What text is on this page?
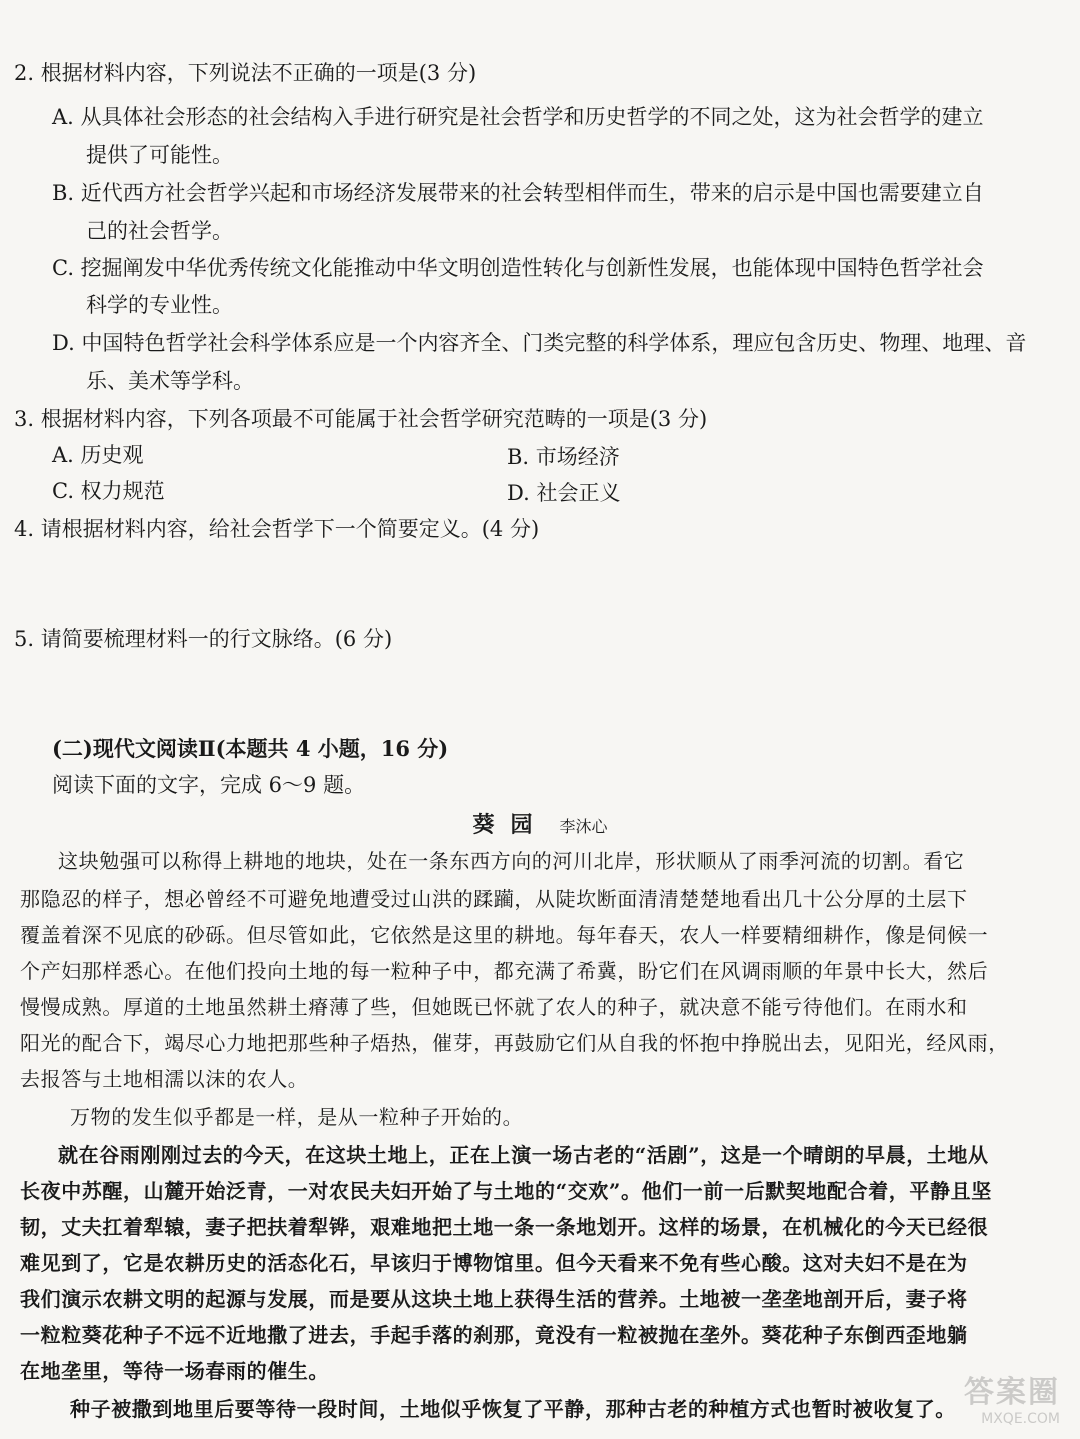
2. 根据材料内容，下列说法不正确的一项是(3 分)
A. 从具体社会形态的社会结构入手进行研究是社会哲学和历史哲学的不同之处，这为社会哲学的建立
提供了可能性。
B. 近代西方社会哲学兴起和市场经济发展带来的社会转型相伴而生，带来的启示是中国也需要建立自
己的社会哲学。
C. 挖掘阐发中华优秀传统文化能推动中华文明创造性转化与创新性发展，也能体现中国特色哲学社会
科学的专业性。
D. 中国特色哲学社会科学体系应是一个内容齐全、门类完整的科学体系，理应包含历史、物理、地理、音
乐、美术等学科。
3. 根据材料内容，下列各项最不可能属于社会哲学研究范畴的一项是(3 分)
A. 历史观	B. 市场经济
C. 权力规范	D. 社会正义
4. 请根据材料内容，给社会哲学下一个简要定义。(4 分)
5. 请简要梳理材料一的行文脉络。(6 分)
(二)现代文阅读Ⅱ(本题共 4 小题，16 分)
阅读下面的文字，完成 6～9 题。
葵园 李沐心
这块勉强可以称得上耕地的地块，处在一条东西方向的河川北岸，形状顺从了雨季河流的切割。看它
那隐忍的样子，想必曾经不可避免地遭受过山洪的蹂躏，从陡坎断面清清楚楚地看出几十公分厚的土层下
覆盖着深不见底的砂砾。但尽管如此，它依然是这里的耕地。每年春天，农人一样要精细耕作，像是伺候一
个产妇那样悉心。在他们投向土地的每一粒种子中，都充满了希冀，盼它们在风调雨顺的年景中长大，然后
慢慢成熟。厚道的土地虽然耕土瘠薄了些，但她既已怀就了农人的种子，就决意不能亏待他们。在雨水和
阳光的配合下，竭尽心力地把那些种子焐热，催芽，再鼓励它们从自我的怀抱中挣脱出去，见阳光，经风雨，
去报答与土地相濡以沫的农人。
万物的发生似乎都是一样，是从一粒种子开始的。
就在谷雨刚刚过去的今天，在这块土地上，正在上演一场古老的“活剧”，这是一个晴朗的早晨，土地从
长夜中苏醒，山麓开始泛青，一对农民夫妇开始了与土地的“交欢”。他们一前一后默契地配合着，平静且坚
韧，丈夫扛着犁辕，妻子把扶着犁铧，艰难地把土地一条一条地划开。这样的场景，在机械化的今天已经很
难见到了，它是农耕历史的活态化石，早该归于博物馆里。但今天看来不免有些心酸。这对夫妇不是在为
我们演示农耕文明的起源与发展，而是要从这块土地上获得生活的营养。土地被一垄垄地剖开后，妻子将
一粒粒葵花种子不远不近地撒了进去，手起手落的刹那，竟没有一粒被抛在垄外。葵花种子东倒西歪地躺
在地垄里，等待一场春雨的催生。
种子被撒到地里后要等待一段时间，土地似乎恢复了平静，那种古老的种植方式也暂时被收复了。 答案圈
MXQE.COM
